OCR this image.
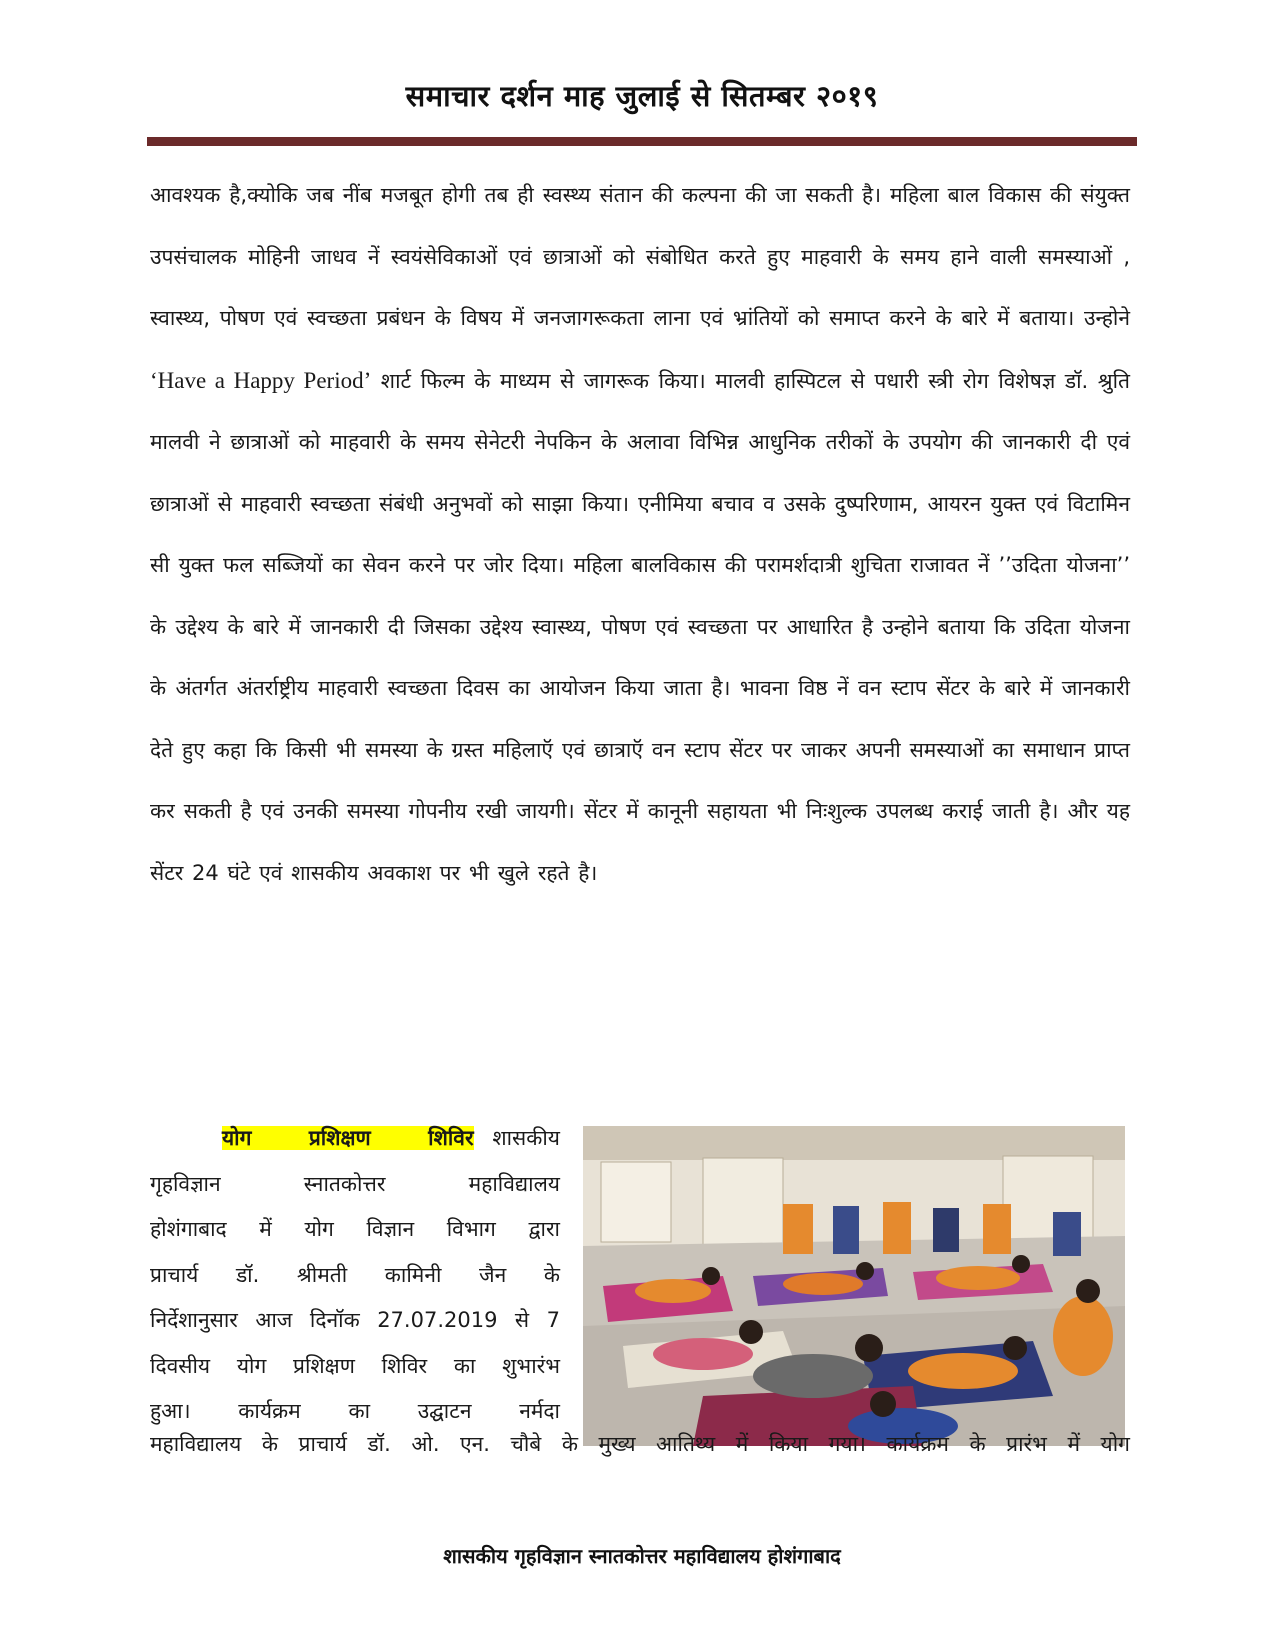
समाचार दर्शन माह जुलाई से सितम्बर २०१९

आवश्यक है,क्योकि जब नींब मजबूत होगी तब ही स्वस्थ्य संतान की कल्पना की जा सकती है। महिला बाल विकास की संयुक्त उपसंचालक मोहिनी जाधव नें स्वयंसेविकाओं एवं छात्राओं को संबोधित करते हुए माहवारी के समय हाने वाली समस्याओं , स्वास्थ्य, पोषण एवं स्वच्छता प्रबंधन के विषय में जनजागरूकता लाना एवं भ्रांतियों को समाप्त करने के बारे में बताया। उन्होने ‘Have a Happy Period’ शार्ट फिल्म के माध्यम से जागरूक किया। मालवी हास्पिटल से पधारी स्त्री रोग विशेषज्ञ डॉ. श्रुति मालवी ने छात्राओं को माहवारी के समय सेनेटरी नेपकिन के अलावा विभिन्न आधुनिक तरीकों के उपयोग की जानकारी दी एवं छात्राओं से माहवारी स्वच्छता संबंधी अनुभवों को साझा किया। एनीमिया बचाव व उसके दुष्परिणाम, आयरन युक्त एवं विटामिन सी युक्त फल सब्जियों का सेवन करने पर जोर दिया। महिला बालविकास की परामर्शदात्री शुचिता राजावत नें ’’उदिता योजना’’ के उद्देश्य के बारे में जानकारी दी जिसका उद्देश्य स्वास्थ्य, पोषण एवं स्वच्छता पर आधारित है उन्होने बताया कि उदिता योजना के अंतर्गत अंतर्राष्ट्रीय माहवारी स्वच्छता दिवस का आयोजन किया जाता है। भावना विष्ठ नें वन स्टाप सेंटर के बारे में जानकारी देते हुए कहा कि किसी भी समस्या के ग्रस्त महिलाऍ एवं छात्राऍ वन स्टाप सेंटर पर जाकर अपनी समस्याओं का समाधान प्राप्त कर सकती है एवं उनकी समस्या गोपनीय रखी जायगी। सेंटर में कानूनी सहायता भी निःशुल्क उपलब्ध कराई जाती है। और यह सेंटर 24 घंटे एवं शासकीय अवकाश पर भी खुले रहते है।

योग प्रशिक्षण शिविर शासकीय

गृहविज्ञान स्नातकोत्तर महाविद्यालय

होशंगाबाद में योग विज्ञान विभाग द्वारा

प्राचार्य डॉ. श्रीमती कामिनी जैन के

निर्देशानुसार आज दिनॉक 27.07.2019 से 7

दिवसीय योग प्रशिक्षण शिविर का शुभारंभ

हुआ। कार्यक्रम का उद्घाटन नर्मदा

महाविद्यालय के प्राचार्य डॉ. ओ. एन. चौबे के मुख्य आतिथ्य में किया गया। कार्यक्रम के प्रारंभ में योग
शासकीय गृहविज्ञान स्नातकोत्तर महाविद्यालय होशंगाबाद
